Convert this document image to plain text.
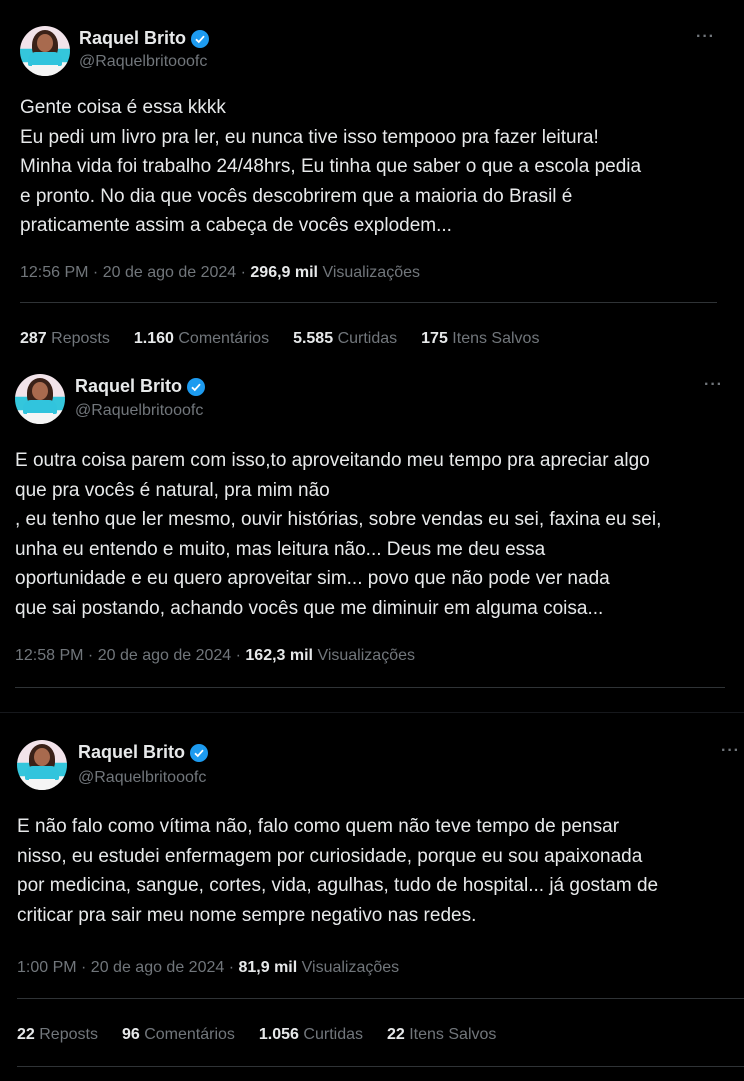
Raquel Brito
@Raquelbritooofc
···
Gente coisa é essa kkkk
Eu pedi um livro pra ler, eu nunca tive isso tempooo pra fazer leitura!
Minha vida foi trabalho 24/48hrs, Eu tinha que saber o que a escola pedia
e pronto. No dia que vocês descobrirem que a maioria do Brasil é
praticamente assim a cabeça de vocês explodem...
12:56 PM · 20 de ago de 2024 · 296,9 mil Visualizações
287 Reposts 1.160 Comentários 5.585 Curtidas 175 Itens Salvos
Raquel Brito
@Raquelbritooofc
···
E outra coisa parem com isso,to aproveitando meu tempo pra apreciar algo
que pra vocês é natural, pra mim não
, eu tenho que ler mesmo, ouvir histórias, sobre vendas eu sei, faxina eu sei,
unha eu entendo e muito, mas leitura não... Deus me deu essa
oportunidade e eu quero aproveitar sim... povo que não pode ver nada
que sai postando, achando vocês que me diminuir em alguma coisa...
12:58 PM · 20 de ago de 2024 · 162,3 mil Visualizações
Raquel Brito
@Raquelbritooofc
···
E não falo como vítima não, falo como quem não teve tempo de pensar
nisso, eu estudei enfermagem por curiosidade, porque eu sou apaixonada
por medicina, sangue, cortes, vida, agulhas, tudo de hospital... já gostam de
criticar pra sair meu nome sempre negativo nas redes.
1:00 PM · 20 de ago de 2024 · 81,9 mil Visualizações
22 Reposts 96 Comentários 1.056 Curtidas 22 Itens Salvos
